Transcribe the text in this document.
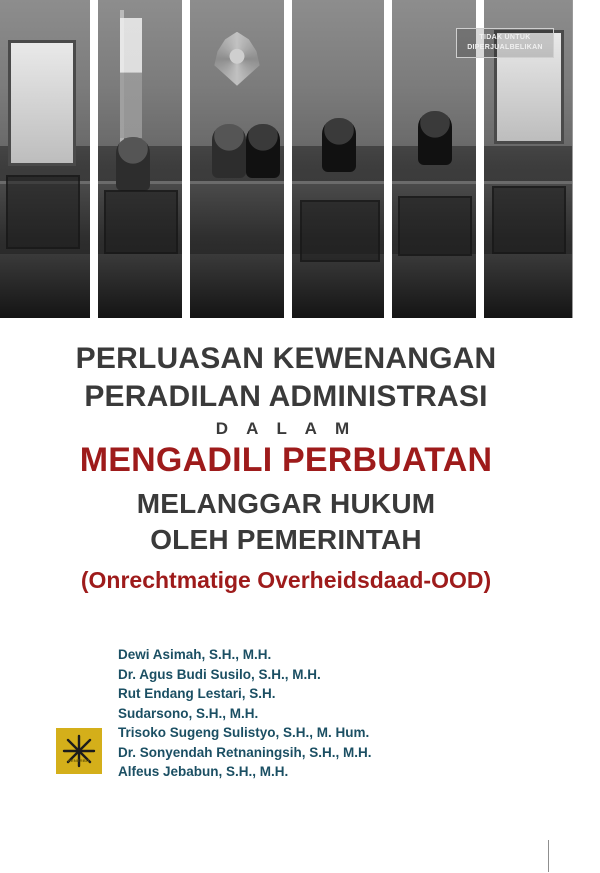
TIDAK UNTUK DIPERJUALBELIKAN
PERLUASAN KEWENANGAN
PERADILAN ADMINISTRASI
D A L A M
MENGADILI PERBUATAN
MELANGGAR HUKUM
OLEH PEMERINTAH
(Onrechtmatige Overheidsdaad-OOD)
Dewi Asimah, S.H., M.H.
Dr. Agus Budi Susilo, S.H., M.H.
Rut Endang Lestari, S.H.
Sudarsono, S.H., M.H.
Trisoko Sugeng Sulistyo, S.H., M. Hum.
Dr. Sonyendah Retnaningsih, S.H., M.H.
Alfeus Jebabun, S.H., M.H.
PENERBIT
